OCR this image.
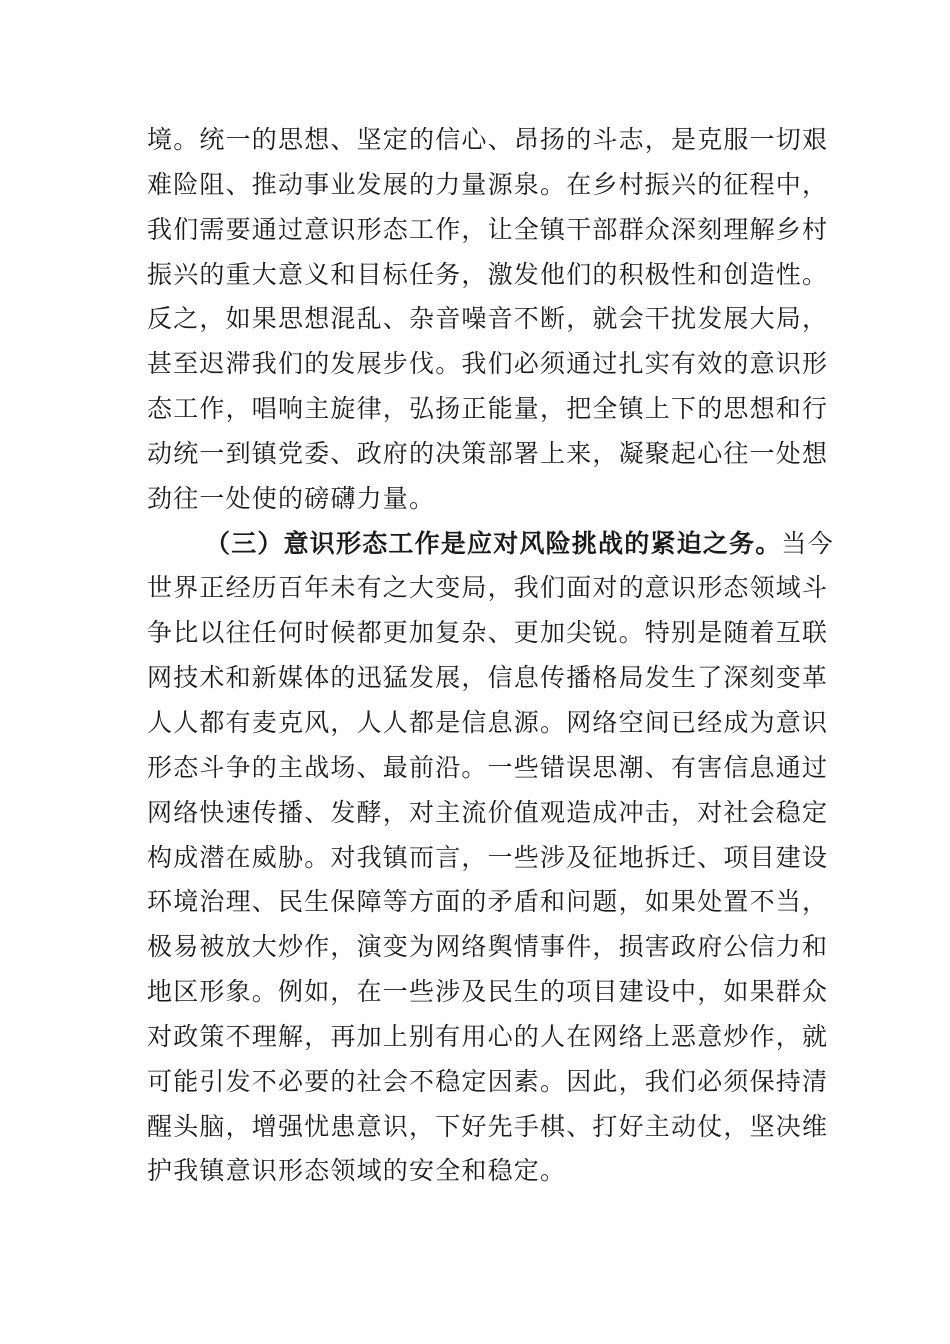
境。统一的思想、坚定的信心、昂扬的斗志，是克服一切艰
难险阻、推动事业发展的力量源泉。在乡村振兴的征程中，
我们需要通过意识形态工作，让全镇干部群众深刻理解乡村
振兴的重大意义和目标任务，激发他们的积极性和创造性。
反之，如果思想混乱、杂音噪音不断，就会干扰发展大局，
甚至迟滞我们的发展步伐。我们必须通过扎实有效的意识形
态工作，唱响主旋律，弘扬正能量，把全镇上下的思想和行
动统一到镇党委、政府的决策部署上来，凝聚起心往一处想
劲往一处使的磅礴力量。
（三）意识形态工作是应对风险挑战的紧迫之务。当今
世界正经历百年未有之大变局，我们面对的意识形态领域斗
争比以往任何时候都更加复杂、更加尖锐。特别是随着互联
网技术和新媒体的迅猛发展，信息传播格局发生了深刻变革
人人都有麦克风，人人都是信息源。网络空间已经成为意识
形态斗争的主战场、最前沿。一些错误思潮、有害信息通过
网络快速传播、发酵，对主流价值观造成冲击，对社会稳定
构成潜在威胁。对我镇而言，一些涉及征地拆迁、项目建设
环境治理、民生保障等方面的矛盾和问题，如果处置不当，
极易被放大炒作，演变为网络舆情事件，损害政府公信力和
地区形象。例如，在一些涉及民生的项目建设中，如果群众
对政策不理解，再加上别有用心的人在网络上恶意炒作，就
可能引发不必要的社会不稳定因素。因此，我们必须保持清
醒头脑，增强忧患意识，下好先手棋、打好主动仗，坚决维
护我镇意识形态领域的安全和稳定。
